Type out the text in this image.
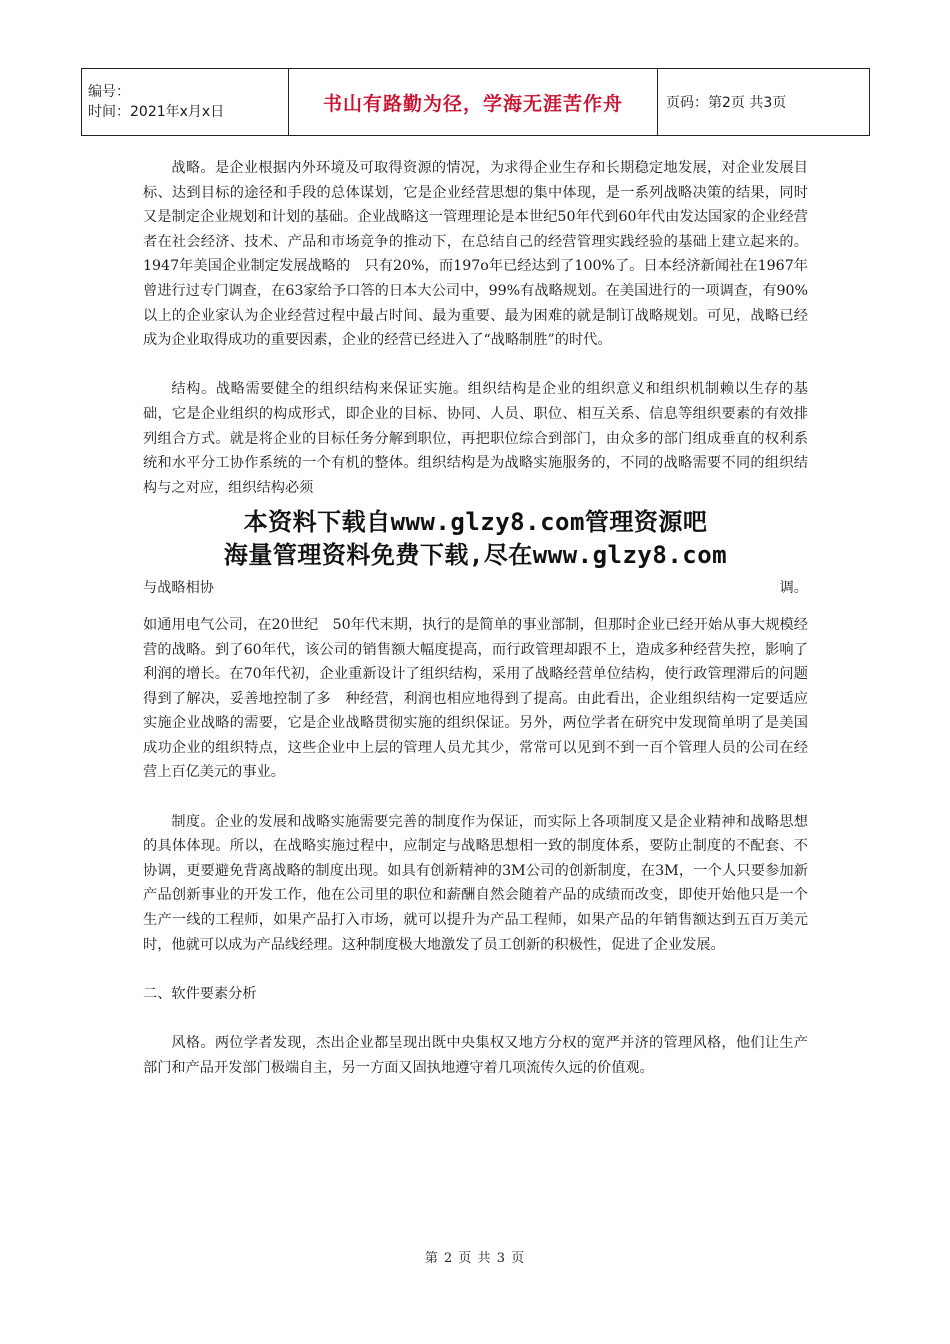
编号：
时间：2021年x月x日	书山有路勤为径，学海无涯苦作舟	页码：第2页 共3页

战略。是企业根据内外环境及可取得资源的情况，为求得企业生存和长期稳定地发展，对企业发展目标、达到目标的途径和手段的总体谋划，它是企业经营思想的集中体现，是一系列战略决策的结果，同时又是制定企业规划和计划的基础。企业战略这一管理理论是本世纪50年代到60年代由发达国家的企业经营者在社会经济、技术、产品和市场竞争的推动下，在总结自己的经营管理实践经验的基础上建立起来的。1947年美国企业制定发展战略的　只有20%，而197o年已经达到了100%了。日本经济新闻社在1967年曾进行过专门调查，在63家给予口答的日本大公司中，99%有战略规划。在美国进行的一项调查，有90%以上的企业家认为企业经营过程中最占时间、最为重要、最为困难的就是制订战略规划。可见，战略已经成为企业取得成功的重要因素，企业的经营已经进入了“战略制胜”的时代。

结构。战略需要健全的组织结构来保证实施。组织结构是企业的组织意义和组织机制赖以生存的基础，它是企业组织的构成形式，即企业的目标、协同、人员、职位、相互关系、信息等组织要素的有效排列组合方式。就是将企业的目标任务分解到职位，再把职位综合到部门，由众多的部门组成垂直的权利系统和水平分工协作系统的一个有机的整体。组织结构是为战略实施服务的，不同的战略需要不同的组织结构与之对应，组织结构必须

本资料下载自www.glzy8.com管理资源吧
海量管理资料免费下载,尽在www.glzy8.com
与战略相协	调。

如通用电气公司，在20世纪　50年代末期，执行的是简单的事业部制，但那时企业已经开始从事大规模经营的战略。到了60年代，该公司的销售额大幅度提高，而行政管理却跟不上，造成多种经营失控，影响了利润的增长。在70年代初，企业重新设计了组织结构，采用了战略经营单位结构，使行政管理滞后的问题得到了解决，妥善地控制了多　种经营，利润也相应地得到了提高。由此看出，企业组织结构一定要适应实施企业战略的需要，它是企业战略贯彻实施的组织保证。另外，两位学者在研究中发现简单明了是美国成功企业的组织特点，这些企业中上层的管理人员尤其少，常常可以见到不到一百个管理人员的公司在经营上百亿美元的事业。

制度。企业的发展和战略实施需要完善的制度作为保证，而实际上各项制度又是企业精神和战略思想的具体体现。所以，在战略实施过程中，应制定与战略思想相一致的制度体系，要防止制度的不配套、不协调，更要避免背离战略的制度出现。如具有创新精神的3M公司的创新制度，在3M，一个人只要参加新产品创新事业的开发工作，他在公司里的职位和薪酬自然会随着产品的成绩而改变，即使开始他只是一个生产一线的工程师，如果产品打入市场，就可以提升为产品工程师，如果产品的年销售额达到五百万美元时，他就可以成为产品线经理。这种制度极大地激发了员工创新的积极性，促进了企业发展。

二、软件要素分析

风格。两位学者发现，杰出企业都呈现出既中央集权又地方分权的宽严并济的管理风格，他们让生产部门和产品开发部门极端自主，另一方面又固执地遵守着几项流传久远的价值观。

第 2 页 共 3 页
